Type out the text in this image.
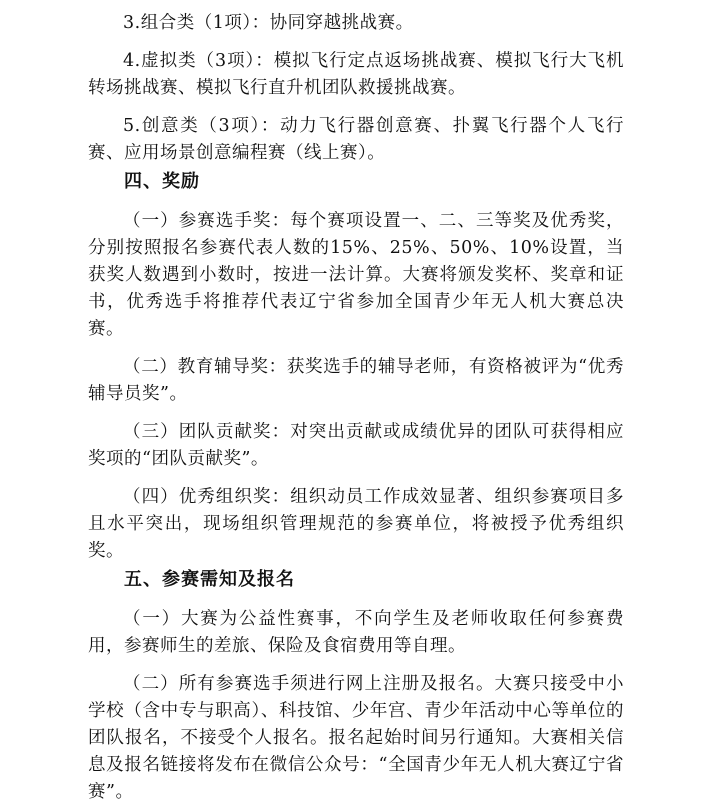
3.组合类（1项）：协同穿越挑战赛。

4.虚拟类（3项）：模拟飞行定点返场挑战赛、模拟飞行大飞机转场挑战赛、模拟飞行直升机团队救援挑战赛。

5.创意类（3项）：动力飞行器创意赛、扑翼飞行器个人飞行赛、应用场景创意编程赛（线上赛）。

四、奖励

（一）参赛选手奖：每个赛项设置一、二、三等奖及优秀奖，分别按照报名参赛代表人数的15%、25%、50%、10%设置，当获奖人数遇到小数时，按进一法计算。大赛将颁发奖杯、奖章和证书，优秀选手将推荐代表辽宁省参加全国青少年无人机大赛总决赛。

（二）教育辅导奖：获奖选手的辅导老师，有资格被评为“优秀辅导员奖”。

（三）团队贡献奖：对突出贡献或成绩优异的团队可获得相应奖项的“团队贡献奖”。

（四）优秀组织奖：组织动员工作成效显著、组织参赛项目多且水平突出，现场组织管理规范的参赛单位，将被授予优秀组织奖。

五、参赛需知及报名

（一）大赛为公益性赛事，不向学生及老师收取任何参赛费用，参赛师生的差旅、保险及食宿费用等自理。

（二）所有参赛选手须进行网上注册及报名。大赛只接受中小学校（含中专与职高）、科技馆、少年宫、青少年活动中心等单位的团队报名，不接受个人报名。报名起始时间另行通知。大赛相关信息及报名链接将发布在微信公众号：“全国青少年无人机大赛辽宁省赛”。
